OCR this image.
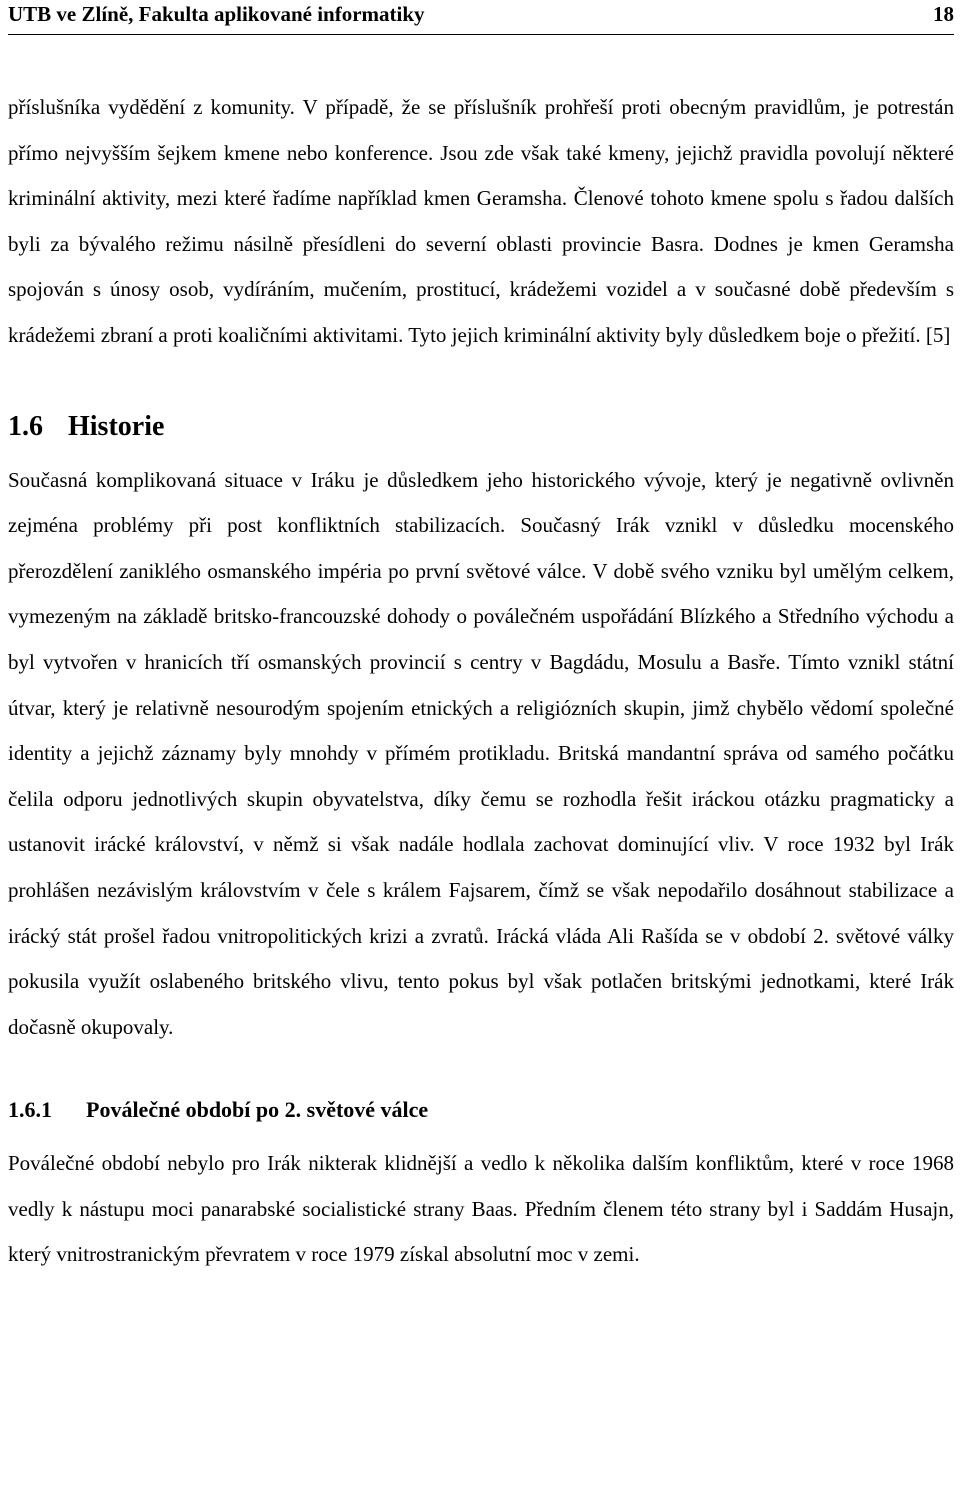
UTB ve Zlíně, Fakulta aplikované informatiky	18

příslušníka vydědění z komunity. V případě, že se příslušník prohřeší proti obecným pravidlům, je potrestán přímo nejvyšším šejkem kmene nebo konference. Jsou zde však také kmeny, jejichž pravidla povolují některé kriminální aktivity, mezi které řadíme například kmen Geramsha. Členové tohoto kmene spolu s řadou dalších byli za bývalého režimu násilně přesídleni do severní oblasti provincie Basra. Dodnes je kmen Geramsha spojován s únosy osob, vydíráním, mučením, prostitucí, krádežemi vozidel a v současné době především s krádežemi zbraní a proti koaličními aktivitami. Tyto jejich kriminální aktivity byly důsledkem boje o přežití. [5]

1.6 Historie

Současná komplikovaná situace v Iráku je důsledkem jeho historického vývoje, který je negativně ovlivněn zejména problémy při post konfliktních stabilizacích. Současný Irák vznikl v důsledku mocenského přerozdělení zaniklého osmanského impéria po první světové válce. V době svého vzniku byl umělým celkem, vymezeným na základě britsko-francouzské dohody o poválečném uspořádání Blízkého a Středního východu a byl vytvořen v hranicích tří osmanských provincií s centry v Bagdádu, Mosulu a Basře. Tímto vznikl státní útvar, který je relativně nesourodým spojením etnických a religiózních skupin, jimž chybělo vědomí společné identity a jejichž záznamy byly mnohdy v přímém protikladu. Britská mandantní správa od samého počátku čelila odporu jednotlivých skupin obyvatelstva, díky čemu se rozhodla řešit iráckou otázku pragmaticky a ustanovit irácké království, v němž si však nadále hodlala zachovat dominující vliv. V roce 1932 byl Irák prohlášen nezávislým královstvím v čele s králem Fajsarem, čímž se však nepodařilo dosáhnout stabilizace a irácký stát prošel řadou vnitropolitických krizi a zvratů. Irácká vláda Ali Rašída se v období 2. světové války pokusila využít oslabeného britského vlivu, tento pokus byl však potlačen britskými jednotkami, které Irák dočasně okupovaly.

1.6.1 Poválečné období po 2. světové válce

Poválečné období nebylo pro Irák nikterak klidnější a vedlo k několika dalším konfliktům, které v roce 1968 vedly k nástupu moci panarabské socialistické strany Baas. Předním členem této strany byl i Saddám Husajn, který vnitrostranickým převratem v roce 1979 získal absolutní moc v zemi.
